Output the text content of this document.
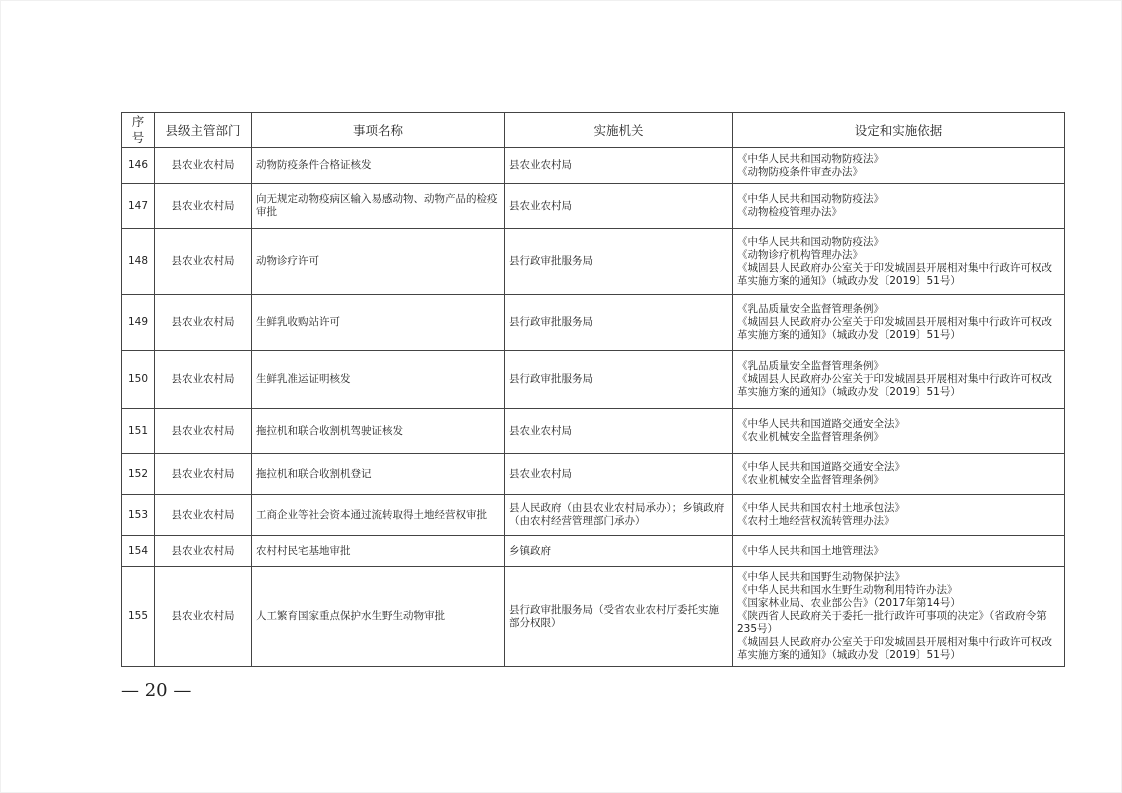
序
号	县级主管部门	事项名称	实施机关	设定和实施依据
146	县农业农村局	动物防疫条件合格证核发	县农业农村局	《中华人民共和国动物防疫法》
《动物防疫条件审查办法》

147	县农业农村局	向无规定动物疫病区输入易感动物、动物产品的检疫审批	县农业农村局	《中华人民共和国动物防疫法》
《动物检疫管理办法》

148	县农业农村局	动物诊疗许可	县行政审批服务局	《中华人民共和国动物防疫法》
《动物诊疗机构管理办法》
《城固县人民政府办公室关于印发城固县开展相对集中行政许可权改革实施方案的通知》（城政办发〔2019〕51号）

149	县农业农村局	生鲜乳收购站许可	县行政审批服务局	《乳品质量安全监督管理条例》
《城固县人民政府办公室关于印发城固县开展相对集中行政许可权改革实施方案的通知》（城政办发〔2019〕51号）

150	县农业农村局	生鲜乳准运证明核发	县行政审批服务局	《乳品质量安全监督管理条例》
《城固县人民政府办公室关于印发城固县开展相对集中行政许可权改革实施方案的通知》（城政办发〔2019〕51号）

151	县农业农村局	拖拉机和联合收割机驾驶证核发	县农业农村局	《中华人民共和国道路交通安全法》
《农业机械安全监督管理条例》

152	县农业农村局	拖拉机和联合收割机登记	县农业农村局	《中华人民共和国道路交通安全法》
《农业机械安全监督管理条例》

153	县农业农村局	工商企业等社会资本通过流转取得土地经营权审批	县人民政府（由县农业农村局承办）；乡镇政府（由农村经营管理部门承办）	《中华人民共和国农村土地承包法》
《农村土地经营权流转管理办法》

154	县农业农村局	农村村民宅基地审批	乡镇政府	《中华人民共和国土地管理法》

155	县农业农村局	人工繁育国家重点保护水生野生动物审批	县行政审批服务局（受省农业农村厅委托实施部分权限）	《中华人民共和国野生动物保护法》
《中华人民共和国水生野生动物利用特许办法》
《国家林业局、农业部公告》（2017年第14号）
《陕西省人民政府关于委托一批行政许可事项的决定》（省政府令第235号）
《城固县人民政府办公室关于印发城固县开展相对集中行政许可权改革实施方案的通知》（城政办发〔2019〕51号）
— 20 —
